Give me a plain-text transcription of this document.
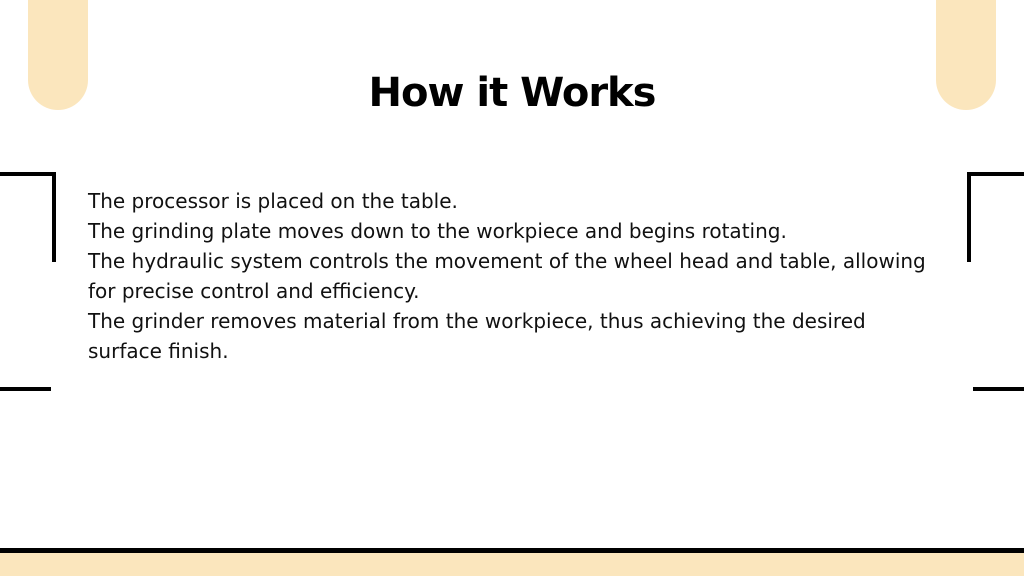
How it Works

The processor is placed on the table.

The grinding plate moves down to the workpiece and begins rotating.

The hydraulic system controls the movement of the wheel head and table, allowing for precise control and efficiency.

The grinder removes material from the workpiece, thus achieving the desired surface finish.
